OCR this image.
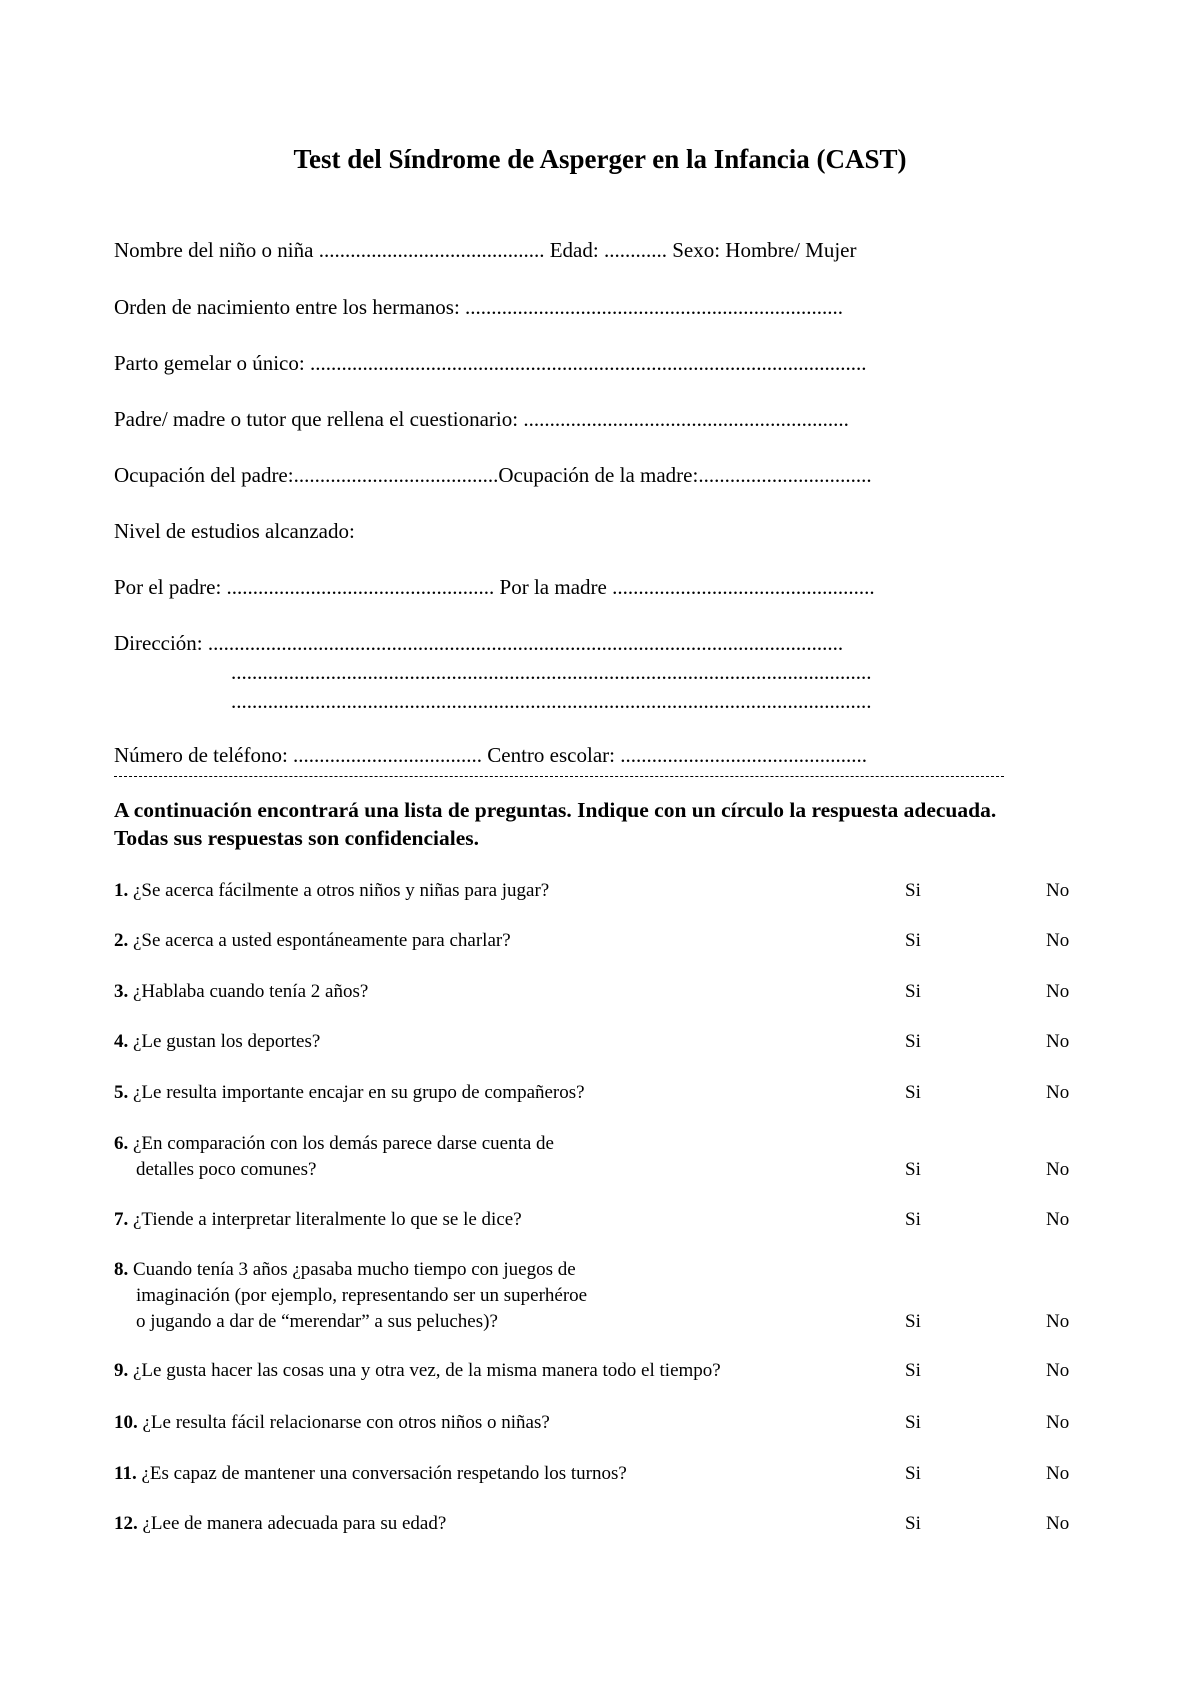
Test del Síndrome de Asperger en la Infancia (CAST)
Nombre del niño o niña ........................................... Edad: ............ Sexo: Hombre/ Mujer
Orden de nacimiento entre los hermanos: ........................................................................
Parto gemelar o único: ..........................................................................................................
Padre/ madre o tutor que rellena el cuestionario: ..............................................................
Ocupación del padre:.......................................Ocupación de la madre:.................................
Nivel de estudios alcanzado:
Por el padre: ................................................... Por la madre ..................................................
Dirección: .........................................................................................................................
..........................................................................................................................
..........................................................................................................................
Número de teléfono: .................................... Centro escolar: ...............................................
A continuación encontrará una lista de preguntas. Indique con un círculo la respuesta adecuada. Todas sus respuestas son confidenciales.
1. ¿Se acerca fácilmente a otros niños y niñas para jugar?	Si	No
2. ¿Se acerca a usted espontáneamente para charlar?	Si	No
3. ¿Hablaba cuando tenía 2 años?	Si	No
4. ¿Le gustan los deportes?	Si	No
5. ¿Le resulta importante encajar en su grupo de compañeros?	Si	No
6. ¿En comparación con los demás parece darse cuenta de
detalles poco comunes?	Si	No
7. ¿Tiende a interpretar literalmente lo que se le dice?	Si	No
8. Cuando tenía 3 años ¿pasaba mucho tiempo con juegos de
imaginación (por ejemplo, representando ser un superhéroe
o jugando a dar de “merendar” a sus peluches)?	Si	No
9. ¿Le gusta hacer las cosas una y otra vez, de la misma manera todo el tiempo?	Si	No
10. ¿Le resulta fácil relacionarse con otros niños o niñas?	Si	No
11. ¿Es capaz de mantener una conversación respetando los turnos?	Si	No
12. ¿Lee de manera adecuada para su edad?	Si	No
